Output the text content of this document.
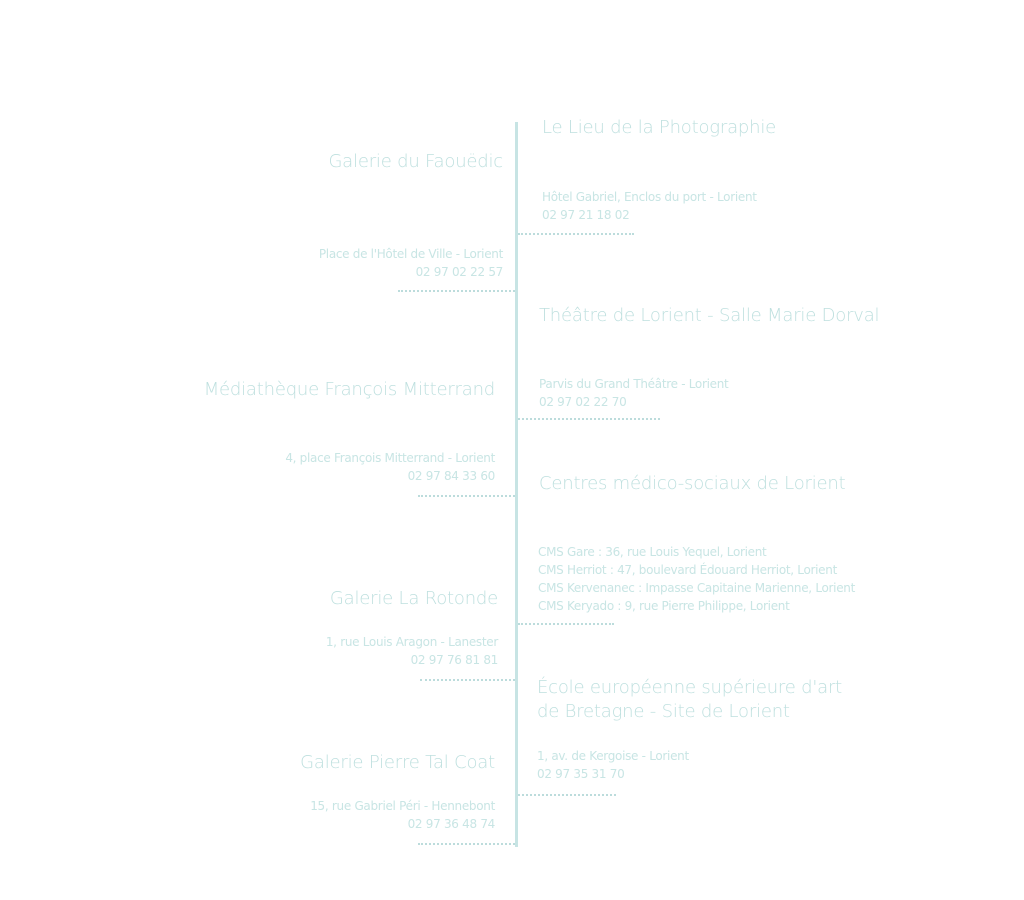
Galerie du Faouëdic
Place de l'Hôtel de Ville - Lorient
02 97 02 22 57
Médiathèque François Mitterrand
4, place François Mitterrand - Lorient
02 97 84 33 60
Galerie La Rotonde
1, rue Louis Aragon - Lanester
02 97 76 81 81
Galerie Pierre Tal Coat
15, rue Gabriel Péri - Hennebont
02 97 36 48 74
Le Lieu de la Photographie
Hôtel Gabriel, Enclos du port - Lorient
02 97 21 18 02
Théâtre de Lorient - Salle Marie Dorval
Parvis du Grand Théâtre - Lorient
02 97 02 22 70
Centres médico-sociaux de Lorient
CMS Gare : 36, rue Louis Yequel, Lorient
CMS Herriot : 47, boulevard Édouard Herriot, Lorient
CMS Kervenanec : Impasse Capitaine Marienne, Lorient
CMS Keryado : 9, rue Pierre Philippe, Lorient
École européenne supérieure d'art
de Bretagne - Site de Lorient
1, av. de Kergoise - Lorient
02 97 35 31 70
